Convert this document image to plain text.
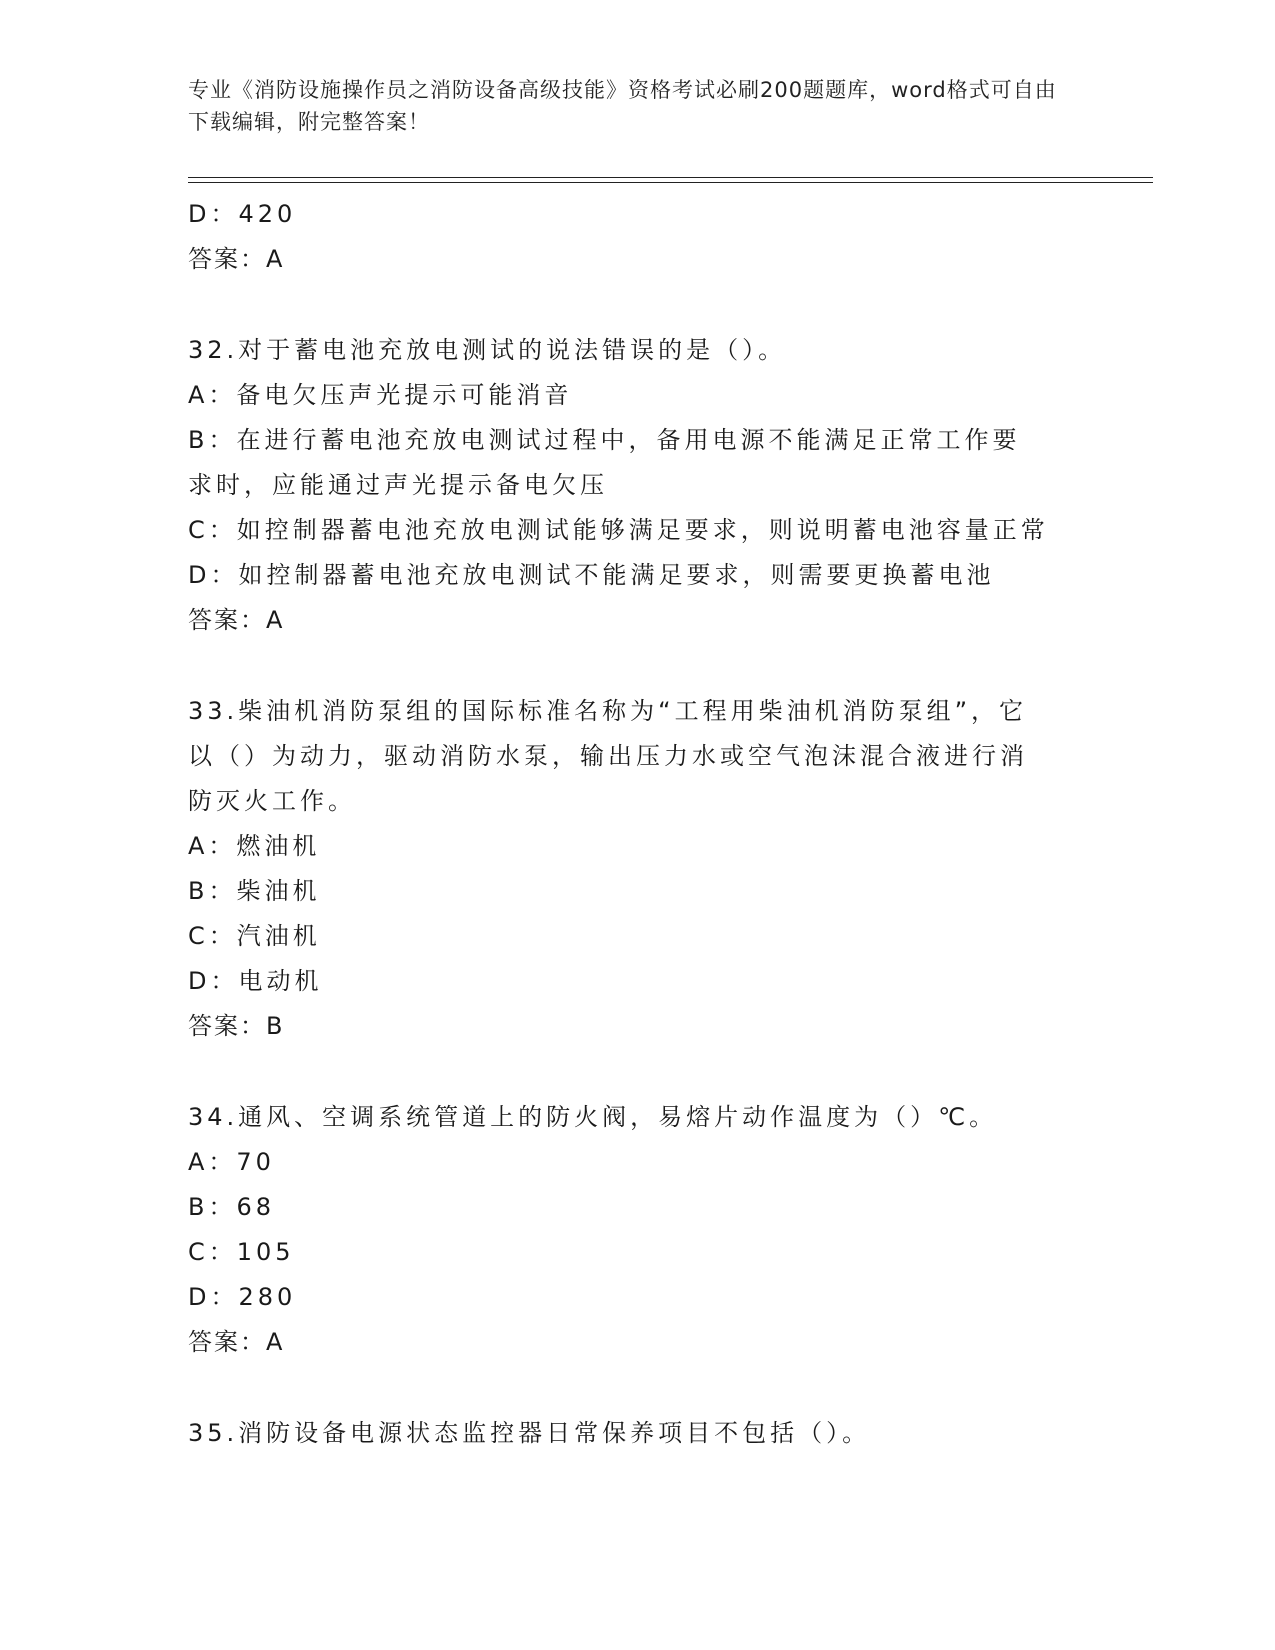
专业《消防设施操作员之消防设备高级技能》资格考试必刷200题题库，word格式可自由下载编辑，附完整答案！
D：420
答案：A
32.对于蓄电池充放电测试的说法错误的是（）。
A：备电欠压声光提示可能消音
B：在进行蓄电池充放电测试过程中，备用电源不能满足正常工作要求时，应能通过声光提示备电欠压
C：如控制器蓄电池充放电测试能够满足要求，则说明蓄电池容量正常
D：如控制器蓄电池充放电测试不能满足要求，则需要更换蓄电池
答案：A
33.柴油机消防泵组的国际标准名称为“工程用柴油机消防泵组”，它以（）为动力，驱动消防水泵，输出压力水或空气泡沫混合液进行消防灭火工作。
A：燃油机
B：柴油机
C：汽油机
D：电动机
答案：B
34.通风、空调系统管道上的防火阀，易熔片动作温度为（）℃。
A：70
B：68
C：105
D：280
答案：A
35.消防设备电源状态监控器日常保养项目不包括（）。
